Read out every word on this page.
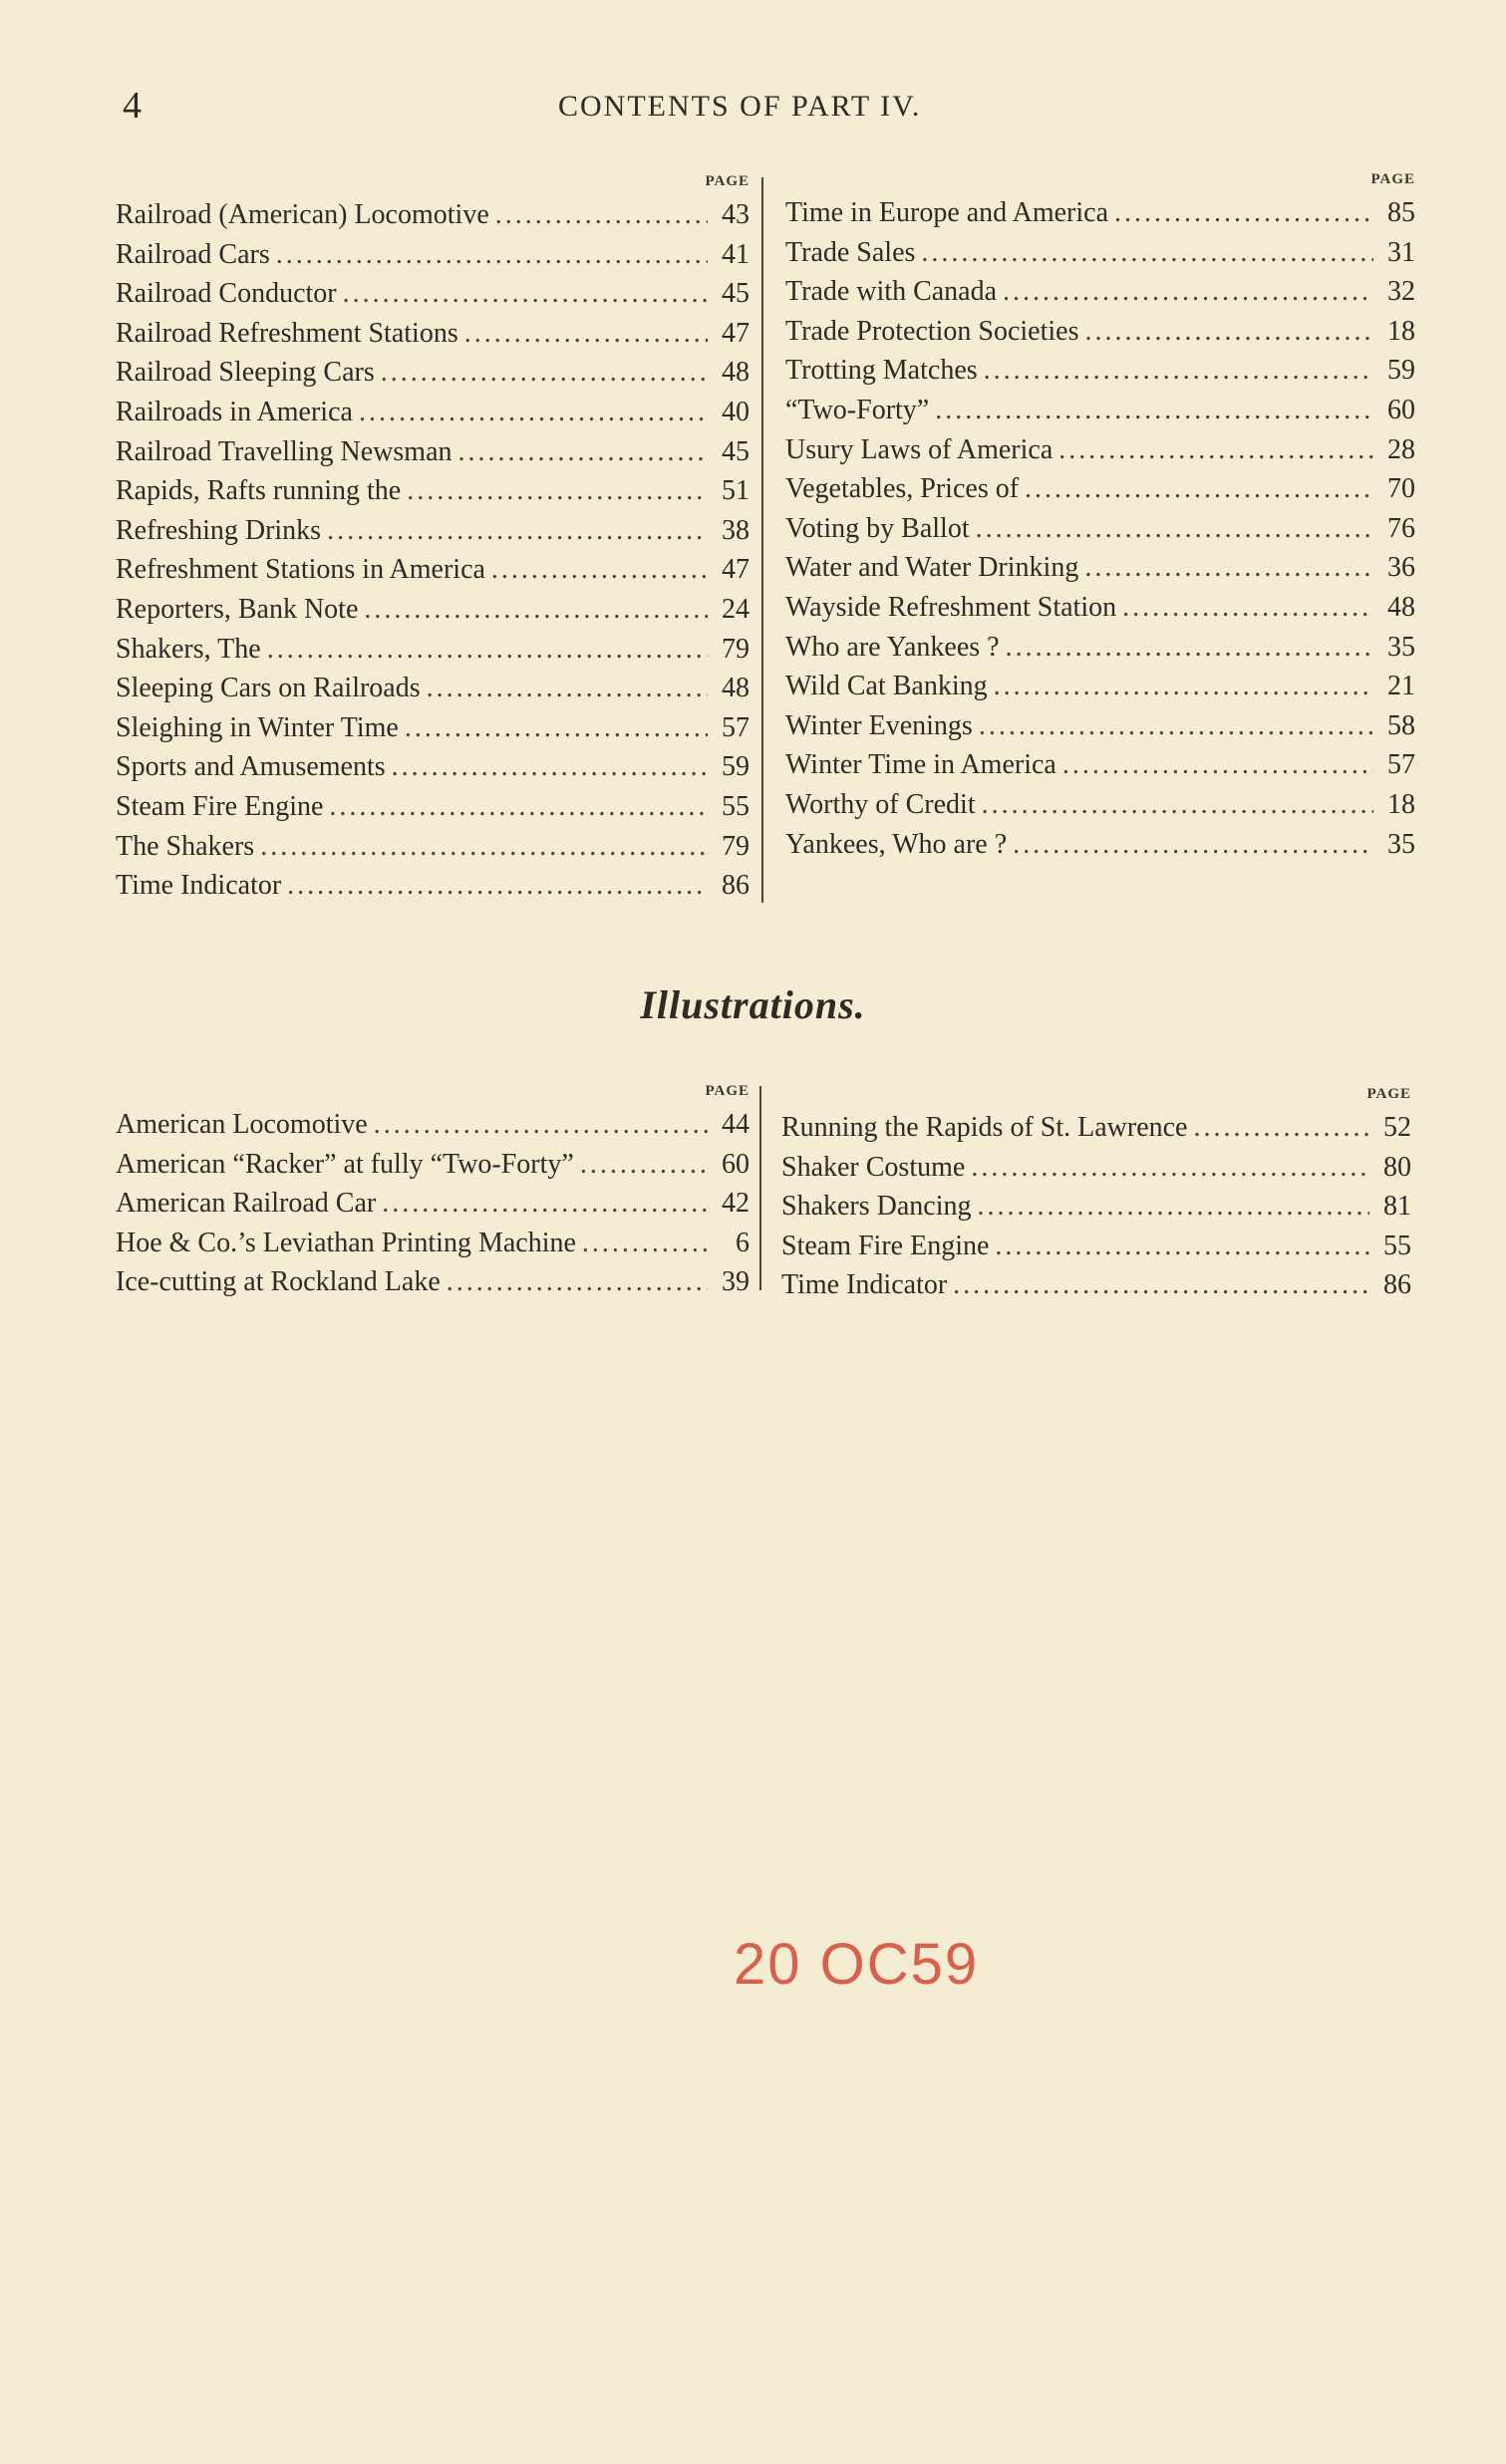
4	CONTENTS OF PART IV.
PAGE
Railroad (American) Locomotive .....	43
Railroad Cars .....	41
Railroad Conductor .....	45
Railroad Refreshment Stations .....	47
Railroad Sleeping Cars .....	48
Railroads in America .....	40
Railroad Travelling Newsman .....	45
Rapids, Rafts running the .....	51
Refreshing Drinks .....	38
Refreshment Stations in America .....	47
Reporters, Bank Note .....	24
Shakers, The .....	79
Sleeping Cars on Railroads .....	48
Sleighing in Winter Time .....	57
Sports and Amusements .....	59
Steam Fire Engine .....	55
The Shakers .....	79
Time Indicator .....	86
PAGE
Time in Europe and America .....	85
Trade Sales .....	31
Trade with Canada .....	32
Trade Protection Societies .....	18
Trotting Matches .....	59
“Two-Forty” .....	60
Usury Laws of America .....	28
Vegetables, Prices of .....	70
Voting by Ballot .....	76
Water and Water Drinking .....	36
Wayside Refreshment Station .....	48
Who are Yankees ? .....	35
Wild Cat Banking .....	21
Winter Evenings .....	58
Winter Time in America .....	57
Worthy of Credit .....	18
Yankees, Who are ? .....	35
Illustrations.
PAGE
American Locomotive .....	44
American “Racker” at fully “Two-Forty” .....	60
American Railroad Car .....	42
Hoe & Co.’s Leviathan Printing Machine .....	6
Ice-cutting at Rockland Lake .....	39
PAGE
Running the Rapids of St. Lawrence .....	52
Shaker Costume .....	80
Shakers Dancing .....	81
Steam Fire Engine .....	55
Time Indicator .....	86
20 OC59
